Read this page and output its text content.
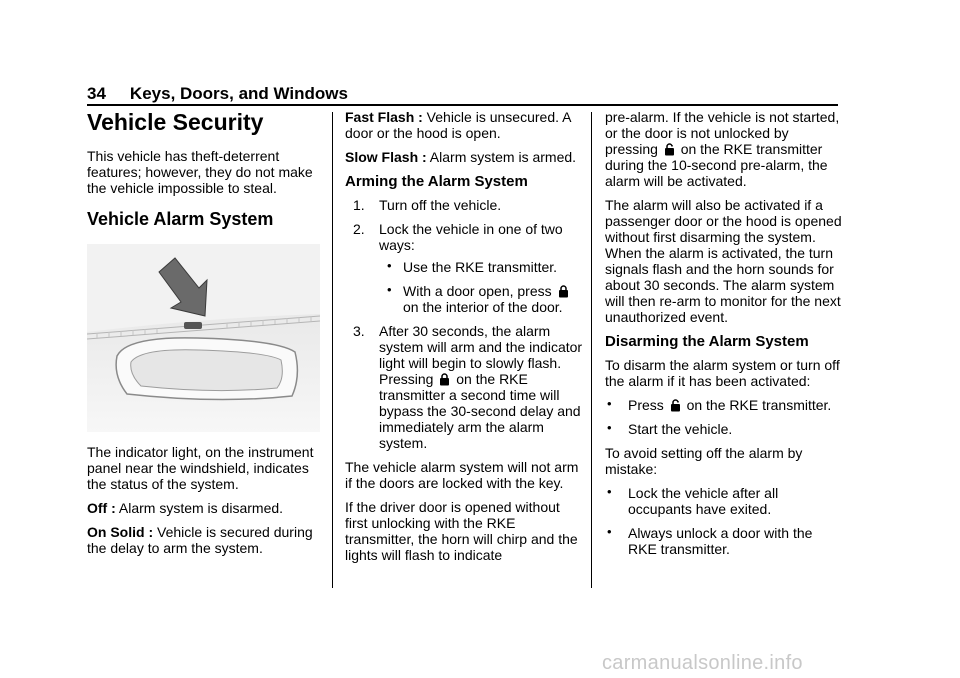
34 Keys, Doors, and Windows
Vehicle Security

This vehicle has theft-deterrent features; however, they do not make the vehicle impossible to steal.

Vehicle Alarm System

The indicator light, on the instrument panel near the windshield, indicates the status of the system.

Off : Alarm system is disarmed.

On Solid : Vehicle is secured during the delay to arm the system.

Fast Flash : Vehicle is unsecured. A door or the hood is open.

Slow Flash : Alarm system is armed.

Arming the Alarm System
1. Turn off the vehicle.
2. Lock the vehicle in one of two ways:
• Use the RKE transmitter.
• With a door open, press  on the interior of the door.
3. After 30 seconds, the alarm system will arm and the indicator light will begin to slowly flash. Pressing  on the RKE transmitter a second time will bypass the 30-second delay and immediately arm the alarm system.

The vehicle alarm system will not arm if the doors are locked with the key.

If the driver door is opened without first unlocking with the RKE transmitter, the horn will chirp and the lights will flash to indicate

pre-alarm. If the vehicle is not started, or the door is not unlocked by pressing  on the RKE transmitter during the 10-second pre-alarm, the alarm will be activated.

The alarm will also be activated if a passenger door or the hood is opened without first disarming the system. When the alarm is activated, the turn signals flash and the horn sounds for about 30 seconds. The alarm system will then re-arm to monitor for the next unauthorized event.

Disarming the Alarm System

To disarm the alarm system or turn off the alarm if it has been activated:

• Press  on the RKE transmitter.
• Start the vehicle.

To avoid setting off the alarm by mistake:

• Lock the vehicle after all occupants have exited.
• Always unlock a door with the RKE transmitter.
carmanualsonline.info
